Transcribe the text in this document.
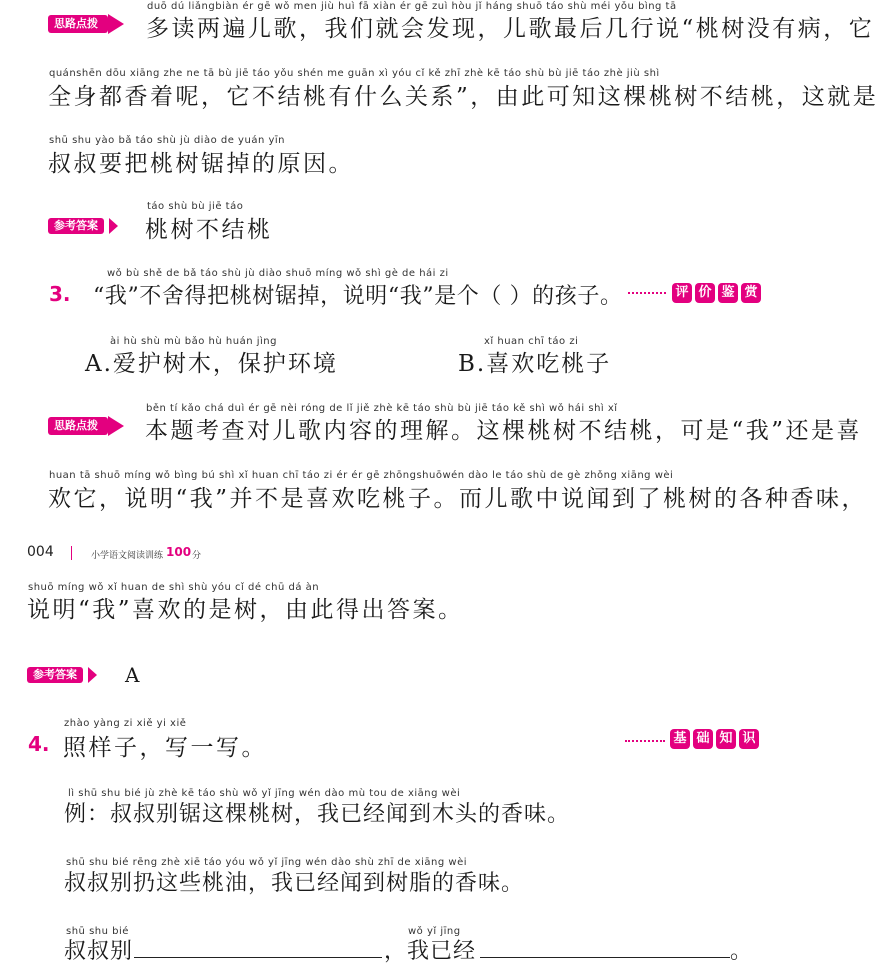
思路点拨
duō dú liǎngbiàn ér gē wǒ men jiù huì fā xiàn ér gē zuì hòu jǐ háng shuō táo shù méi yǒu bìng tā
多读两遍儿歌，我们就会发现，儿歌最后几行说“桃树没有病，它
quánshēn dōu xiāng zhe ne tā bù jiē táo yǒu shén me guān xì yóu cǐ kě zhī zhè kē táo shù bù jiē táo zhè jiù shì
全身都香着呢，它不结桃有什么关系”，由此可知这棵桃树不结桃，这就是
shū shu yào bǎ táo shù jù diào de yuán yīn
叔叔要把桃树锯掉的原因。
参考答案
táo shù bù jiē táo
桃树不结桃
3.
wǒ bù shě de bǎ táo shù jù diào shuō míng wǒ shì gè de hái zi
“我”不舍得把桃树锯掉，说明“我”是个（ ）的孩子。	评 价 鉴 赏
ài hù shù mù bǎo hù huán jìng
A.爱护树木，保护环境
xǐ huan chī táo zi
B.喜欢吃桃子
思路点拨
běn tí kǎo chá duì ér gē nèi róng de lǐ jiě zhè kē táo shù bù jiē táo kě shì wǒ hái shì xǐ
本题考查对儿歌内容的理解。这棵桃树不结桃，可是“我”还是喜
huan tā shuō míng wǒ bìng bú shì xǐ huan chī táo zi ér ér gē zhōngshuōwén dào le táo shù de gè zhǒng xiāng wèi
欢它，说明“我”并不是喜欢吃桃子。而儿歌中说闻到了桃树的各种香味，
004	小学语文阅读训练 100 分
shuō míng wǒ xǐ huan de shì shù yóu cǐ dé chū dá àn
说明“我”喜欢的是树，由此得出答案。
参考答案	A
4.
zhào yàng zi xiě yi xiě
照样子，写一写。	基 础 知 识
lì shū shu bié jù zhè kē táo shù wǒ yǐ jīng wén dào mù tou de xiāng wèi
例：叔叔别锯这棵桃树，我已经闻到木头的香味。
shū shu bié rēng zhè xiē táo yóu wǒ yǐ jīng wén dào shù zhī de xiāng wèi
叔叔别扔这些桃油，我已经闻到树脂的香味。
shū shu bié
叔叔别
wǒ yǐ jīng
，我已经	。
